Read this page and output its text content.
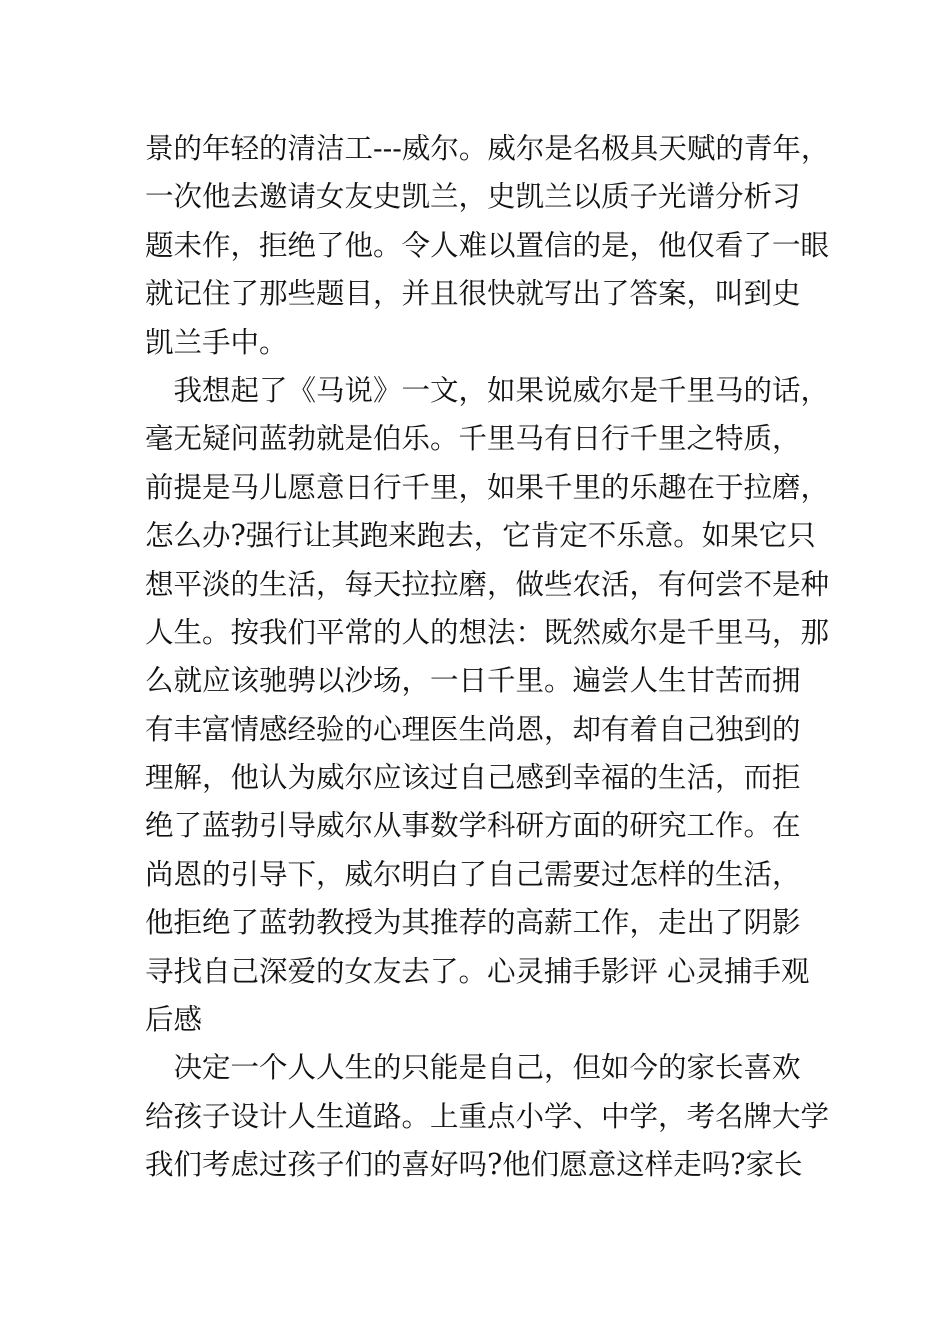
景的年轻的清洁工---威尔。威尔是名极具天赋的青年，
一次他去邀请女友史凯兰，史凯兰以质子光谱分析习
题未作，拒绝了他。令人难以置信的是，他仅看了一眼
就记住了那些题目，并且很快就写出了答案，叫到史
凯兰手中。
　我想起了《马说》一文，如果说威尔是千里马的话，
毫无疑问蓝勃就是伯乐。千里马有日行千里之特质，
前提是马儿愿意日行千里，如果千里的乐趣在于拉磨，
怎么办?强行让其跑来跑去，它肯定不乐意。如果它只
想平淡的生活，每天拉拉磨，做些农活，有何尝不是种
人生。按我们平常的人的想法：既然威尔是千里马，那
么就应该驰骋以沙场，一日千里。遍尝人生甘苦而拥
有丰富情感经验的心理医生尚恩，却有着自己独到的
理解，他认为威尔应该过自己感到幸福的生活，而拒
绝了蓝勃引导威尔从事数学科研方面的研究工作。在
尚恩的引导下，威尔明白了自己需要过怎样的生活，
他拒绝了蓝勃教授为其推荐的高薪工作，走出了阴影
寻找自己深爱的女友去了。心灵捕手影评 心灵捕手观
后感
　决定一个人人生的只能是自己，但如今的家长喜欢
给孩子设计人生道路。上重点小学、中学，考名牌大学
我们考虑过孩子们的喜好吗?他们愿意这样走吗?家长
